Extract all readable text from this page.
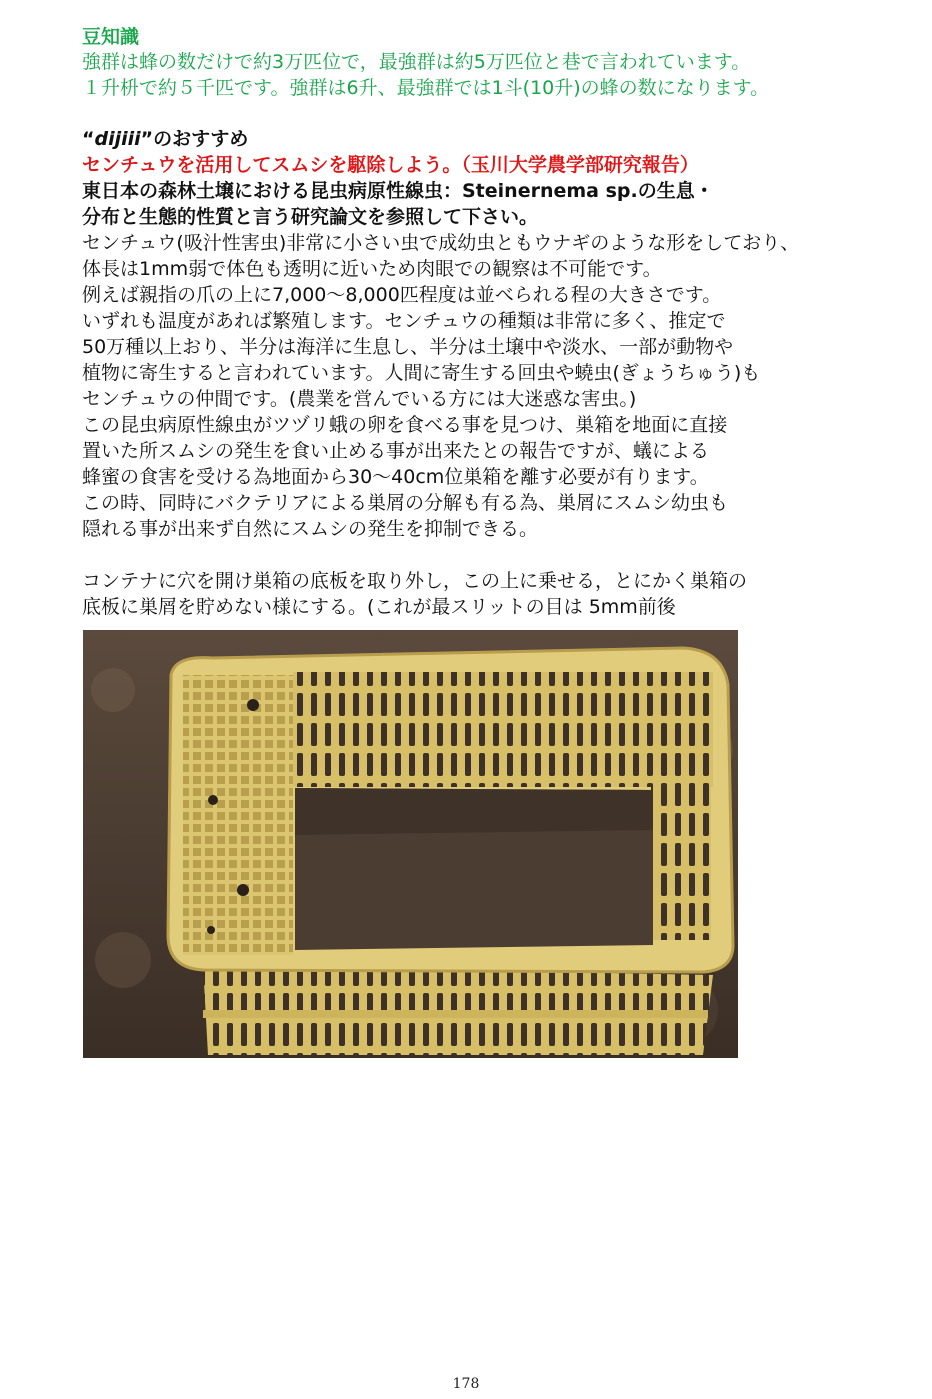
豆知識
強群は蜂の数だけで約3万匹位で，最強群は約5万匹位と巷で言われています。
１升枡で約５千匹です。強群は6升、最強群では1斗(10升)の蜂の数になります。
“dijiii”のおすすめ
センチュウを活用してスムシを駆除しよう。（玉川大学農学部研究報告）
東日本の森林土壌における昆虫病原性線虫：Steinernema sp.の生息・
分布と生態的性質と言う研究論文を参照して下さい。
センチュウ(吸汁性害虫)非常に小さい虫で成幼虫ともウナギのような形をしており、
体長は1mm弱で体色も透明に近いため肉眼での観察は不可能です。
例えば親指の爪の上に7,000〜8,000匹程度は並べられる程の大きさです。
いずれも温度があれば繁殖します。センチュウの種類は非常に多く、推定で
50万種以上おり、半分は海洋に生息し、半分は土壌中や淡水、一部が動物や
植物に寄生すると言われています。人間に寄生する回虫や蟯虫(ぎょうちゅう)も
センチュウの仲間です。(農業を営んでいる方には大迷惑な害虫。)
この昆虫病原性線虫がツヅリ蛾の卵を食べる事を見つけ、巣箱を地面に直接
置いた所スムシの発生を食い止める事が出来たとの報告ですが、蟻による
蜂蜜の食害を受ける為地面から30〜40cm位巣箱を離す必要が有ります。
この時、同時にバクテリアによる巣屑の分解も有る為、巣屑にスムシ幼虫も
隠れる事が出来ず自然にスムシの発生を抑制できる。
コンテナに穴を開け巣箱の底板を取り外し，この上に乗せる，とにかく巣箱の
底板に巣屑を貯めない様にする。(これが最スリットの目は 5mm前後
178
